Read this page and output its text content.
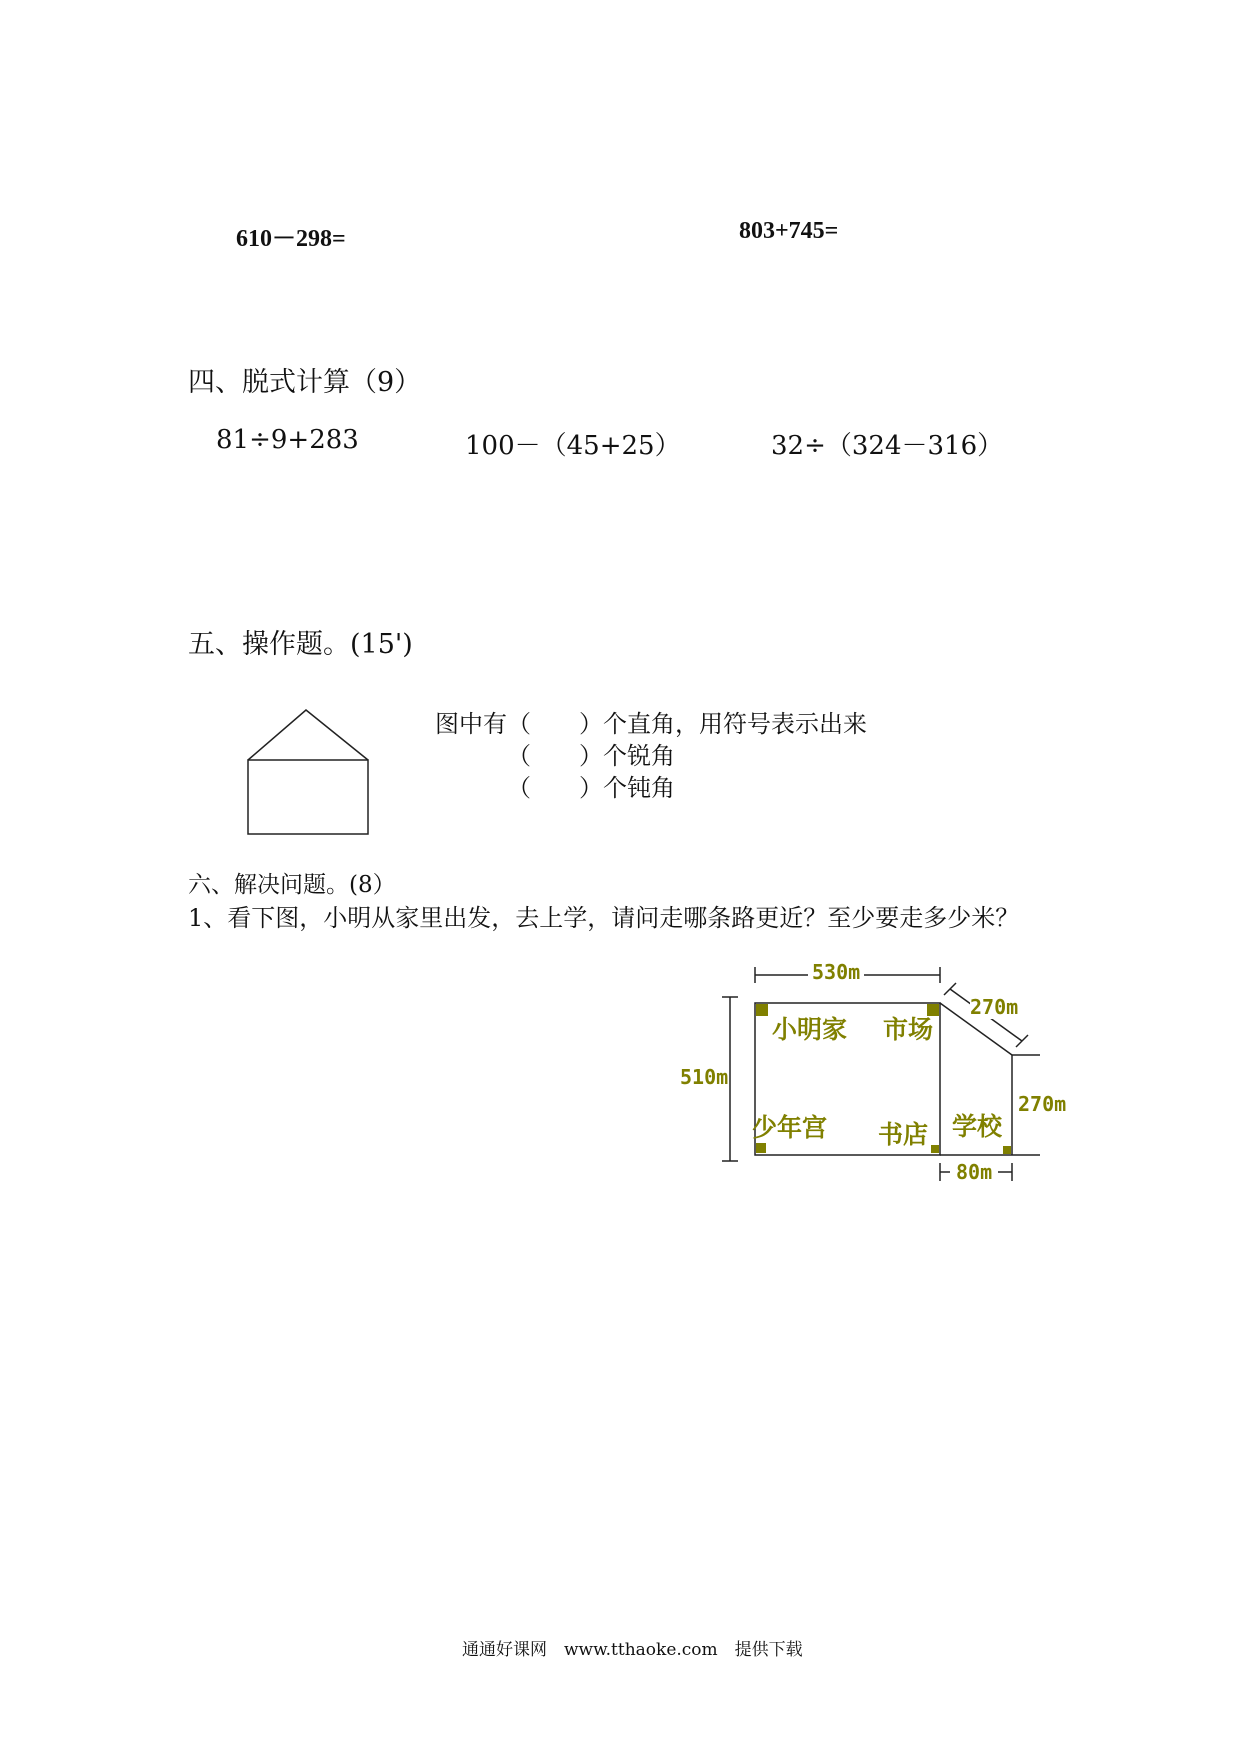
610－298=	803+745=
四、脱式计算（9）
81÷9+283	100－（45+25）	32÷（324－316）
五、操作题。(15')
图中有（　　）个直角，用符号表示出来
（　　）个锐角
（　　）个钝角
六、解决问题。(8）
1、看下图，小明从家里出发，去上学，请问走哪条路更近？至少要走多少米？
530m
510m
270m
270m
80m
小明家 市场
少年宫 书店 学校
通通好课网　www.tthaoke.com　提供下载
